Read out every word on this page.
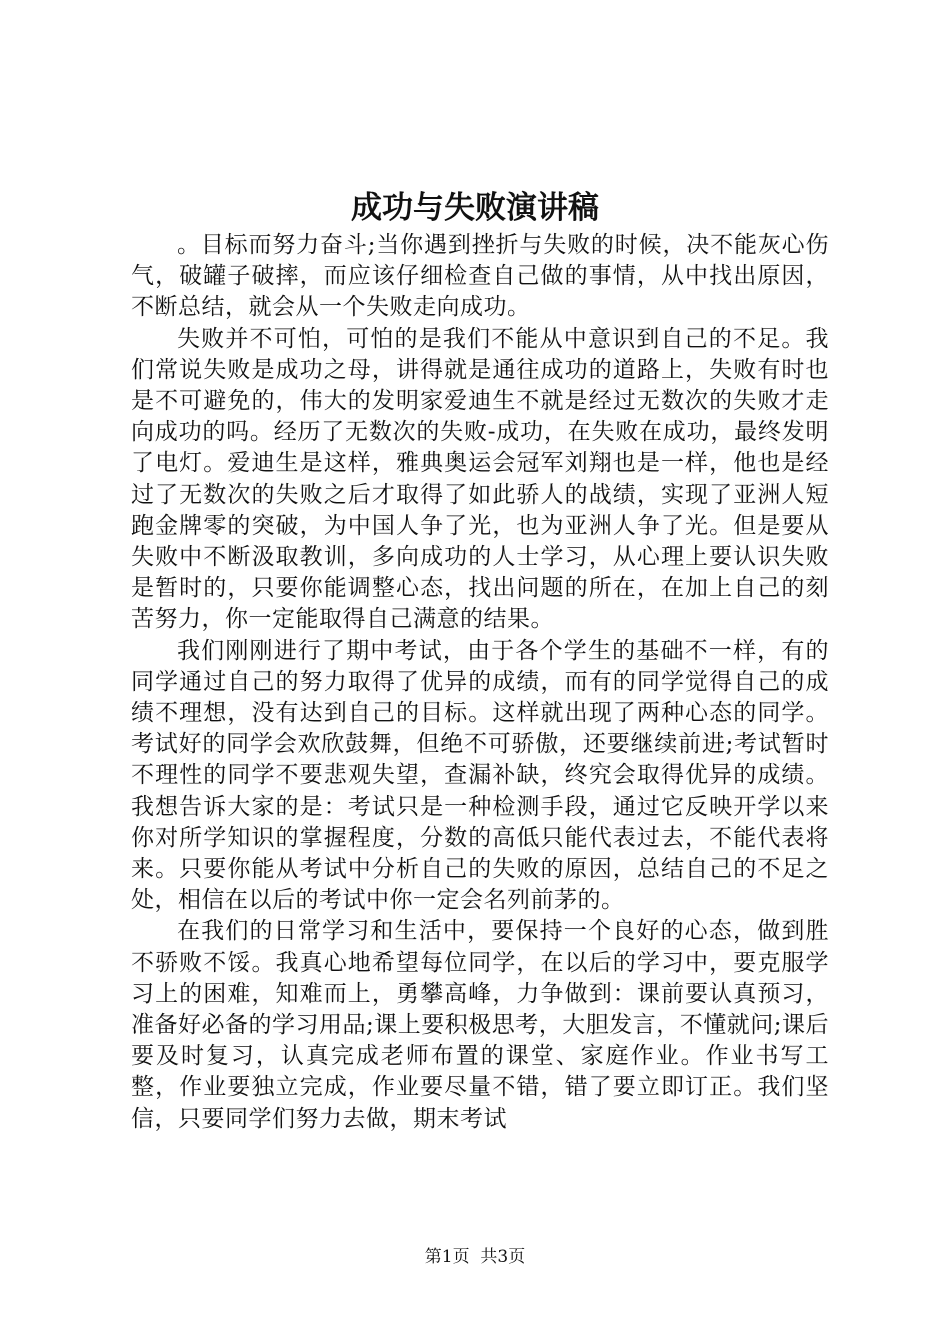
成功与失败演讲稿

。目标而努力奋斗;当你遇到挫折与失败的时候，决不能灰心伤气，破罐子破摔，而应该仔细检查自己做的事情，从中找出原因，不断总结，就会从一个失败走向成功。

失败并不可怕，可怕的是我们不能从中意识到自己的不足。我们常说失败是成功之母，讲得就是通往成功的道路上，失败有时也是不可避免的，伟大的发明家爱迪生不就是经过无数次的失败才走向成功的吗。经历了无数次的失败-成功，在失败在成功，最终发明了电灯。爱迪生是这样，雅典奥运会冠军刘翔也是一样，他也是经过了无数次的失败之后才取得了如此骄人的战绩，实现了亚洲人短跑金牌零的突破，为中国人争了光，也为亚洲人争了光。但是要从失败中不断汲取教训，多向成功的人士学习，从心理上要认识失败是暂时的，只要你能调整心态，找出问题的所在，在加上自己的刻苦努力，你一定能取得自己满意的结果。

我们刚刚进行了期中考试，由于各个学生的基础不一样，有的同学通过自己的努力取得了优异的成绩，而有的同学觉得自己的成绩不理想，没有达到自己的目标。这样就出现了两种心态的同学。考试好的同学会欢欣鼓舞，但绝不可骄傲，还要继续前进;考试暂时不理性的同学不要悲观失望，查漏补缺，终究会取得优异的成绩。我想告诉大家的是：考试只是一种检测手段，通过它反映开学以来你对所学知识的掌握程度，分数的高低只能代表过去，不能代表将来。只要你能从考试中分析自己的失败的原因，总结自己的不足之处，相信在以后的考试中你一定会名列前茅的。

在我们的日常学习和生活中，要保持一个良好的心态，做到胜不骄败不馁。我真心地希望每位同学，在以后的学习中，要克服学习上的困难，知难而上，勇攀高峰，力争做到：课前要认真预习，准备好必备的学习用品;课上要积极思考，大胆发言，不懂就问;课后要及时复习，认真完成老师布置的课堂、家庭作业。作业书写工整，作业要独立完成，作业要尽量不错，错了要立即订正。我们坚信，只要同学们努力去做，期末考试

第1页 共3页
